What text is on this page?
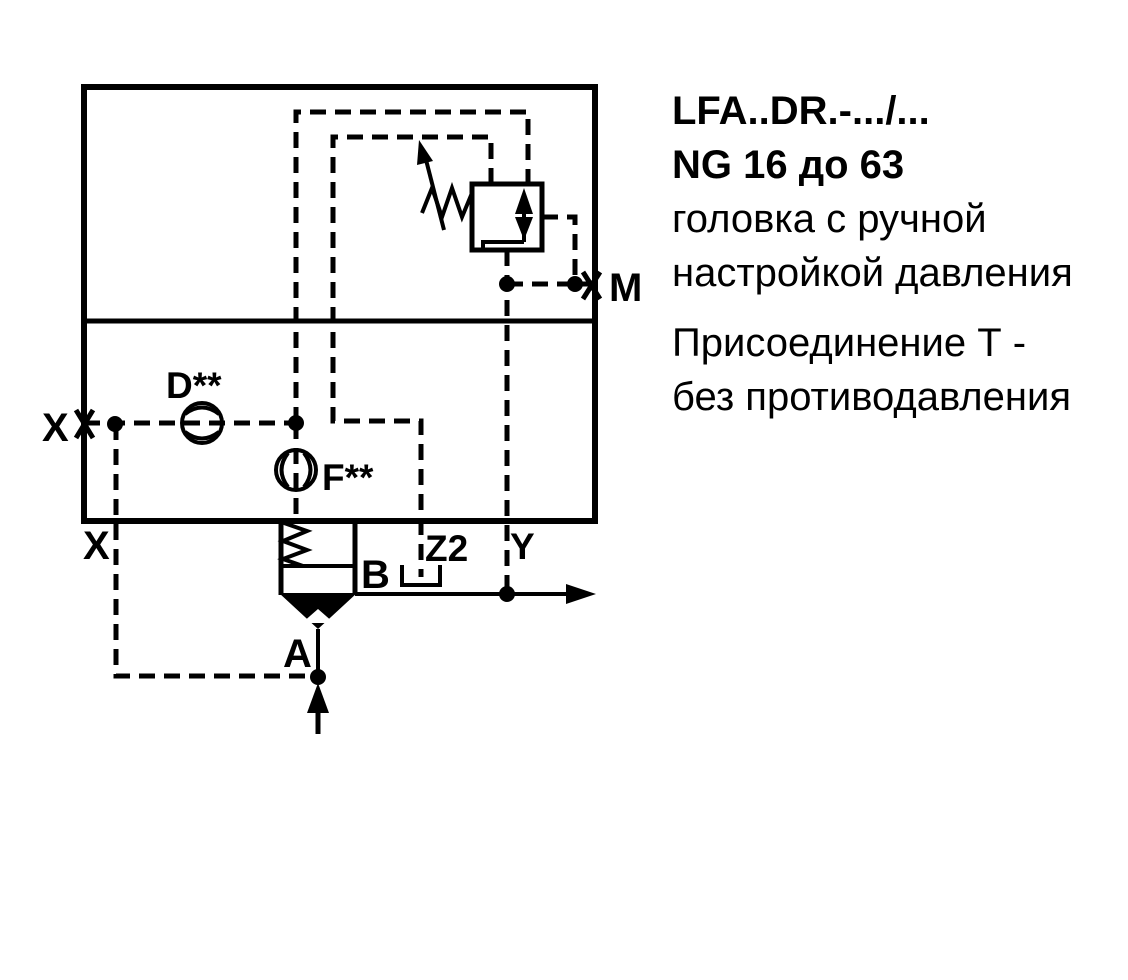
X
X
D**
F**
B
Z2 Y
A
M
LFA..DR.-.../...
NG 16 до 63
головка с ручной
настройкой давления
Присоединение Т -
без противодавления
